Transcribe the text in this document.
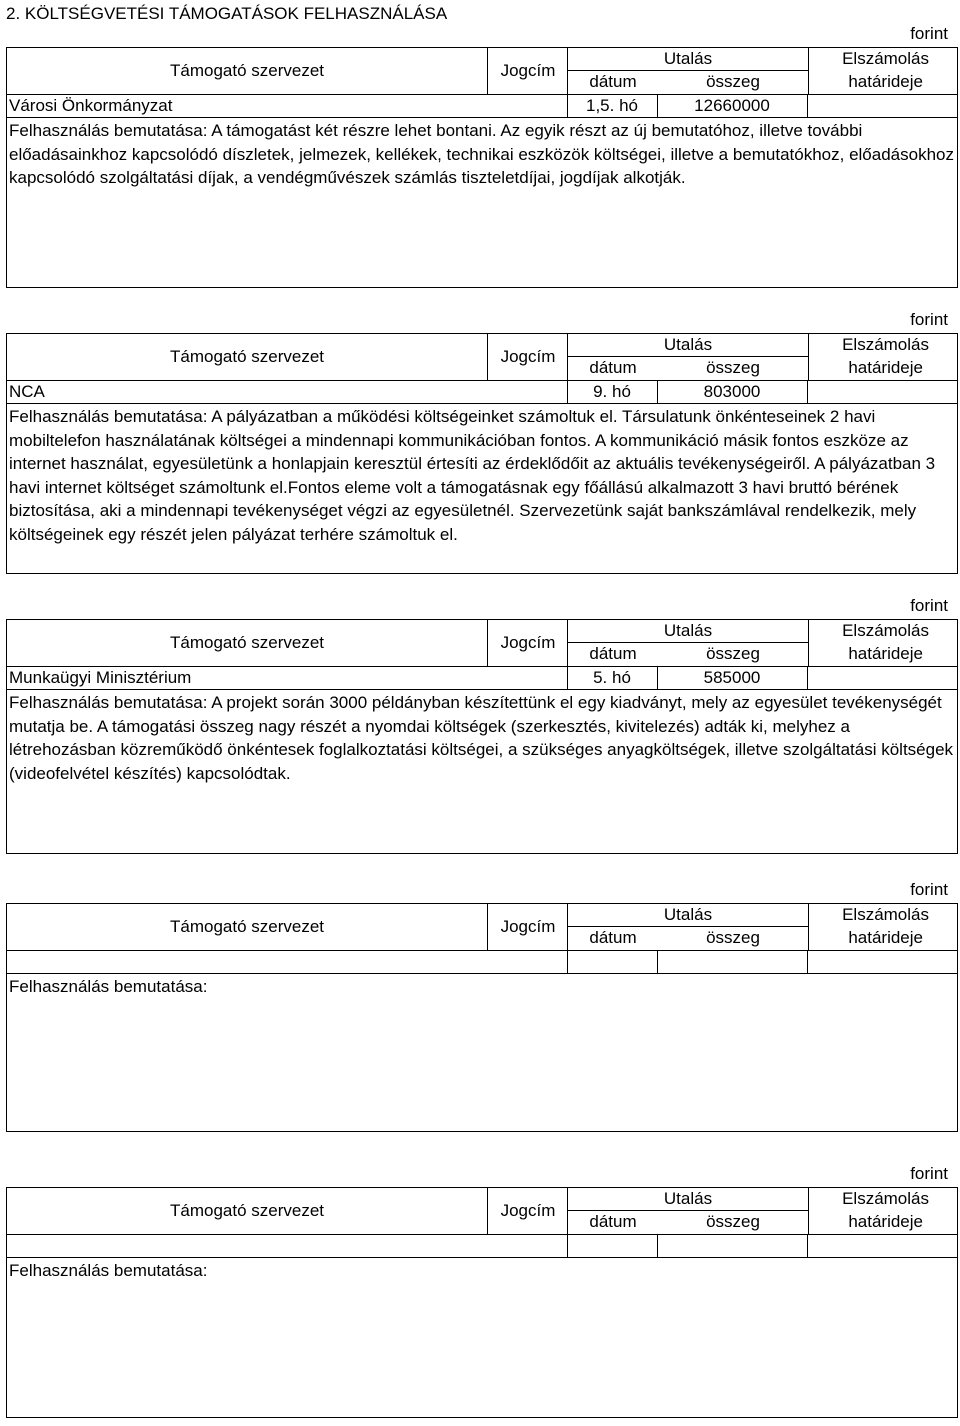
2. KÖLTSÉGVETÉSI TÁMOGATÁSOK FELHASZNÁLÁSA
forint
Támogató szervezet	Jogcím
Utalás
dátum	összeg
Elszámolás
határideje
Városi Önkormányzat	1,5. hó	12660000
Felhasználás bemutatása: A támogatást két részre lehet bontani. Az egyik részt az új bemutatóhoz, illetve további előadásainkhoz kapcsolódó díszletek, jelmezek, kellékek, technikai eszközök költségei, illetve a bemutatókhoz, előadásokhoz kapcsolódó szolgáltatási díjak, a vendégművészek számlás tiszteletdíjai, jogdíjak alkotják.
forint
Támogató szervezet	Jogcím
Utalás
dátum	összeg
Elszámolás
határideje
NCA	9. hó	803000
Felhasználás bemutatása: A pályázatban a működési költségeinket számoltuk el. Társulatunk önkénteseinek 2 havi mobiltelefon használatának költségei a mindennapi kommunikációban fontos. A kommunikáció másik fontos eszköze az internet használat, egyesületünk a honlapjain keresztül értesíti az érdeklődőit az aktuális tevékenységeiről. A pályázatban 3 havi internet költséget számoltunk el.Fontos eleme volt a támogatásnak egy főállású alkalmazott 3 havi bruttó bérének biztosítása, aki a mindennapi tevékenységet végzi az egyesületnél. Szervezetünk saját bankszámlával rendelkezik, mely költségeinek egy részét jelen pályázat terhére számoltuk el.
forint
Támogató szervezet	Jogcím
Utalás
dátum	összeg
Elszámolás
határideje
Munkaügyi Minisztérium	5. hó	585000
Felhasználás bemutatása: A projekt során 3000 példányban készítettünk el egy kiadványt, mely az egyesület tevékenységét mutatja be. A támogatási összeg nagy részét a nyomdai költségek (szerkesztés, kivitelezés) adták ki, melyhez a létrehozásban közreműködő önkéntesek foglalkoztatási költségei, a szükséges anyagköltségek, illetve szolgáltatási költségek (videofelvétel készítés) kapcsolódtak.
forint
Támogató szervezet	Jogcím
Utalás
dátum	összeg
Elszámolás
határideje
Felhasználás bemutatása:
forint
Támogató szervezet	Jogcím
Utalás
dátum	összeg
Elszámolás
határideje
Felhasználás bemutatása:
